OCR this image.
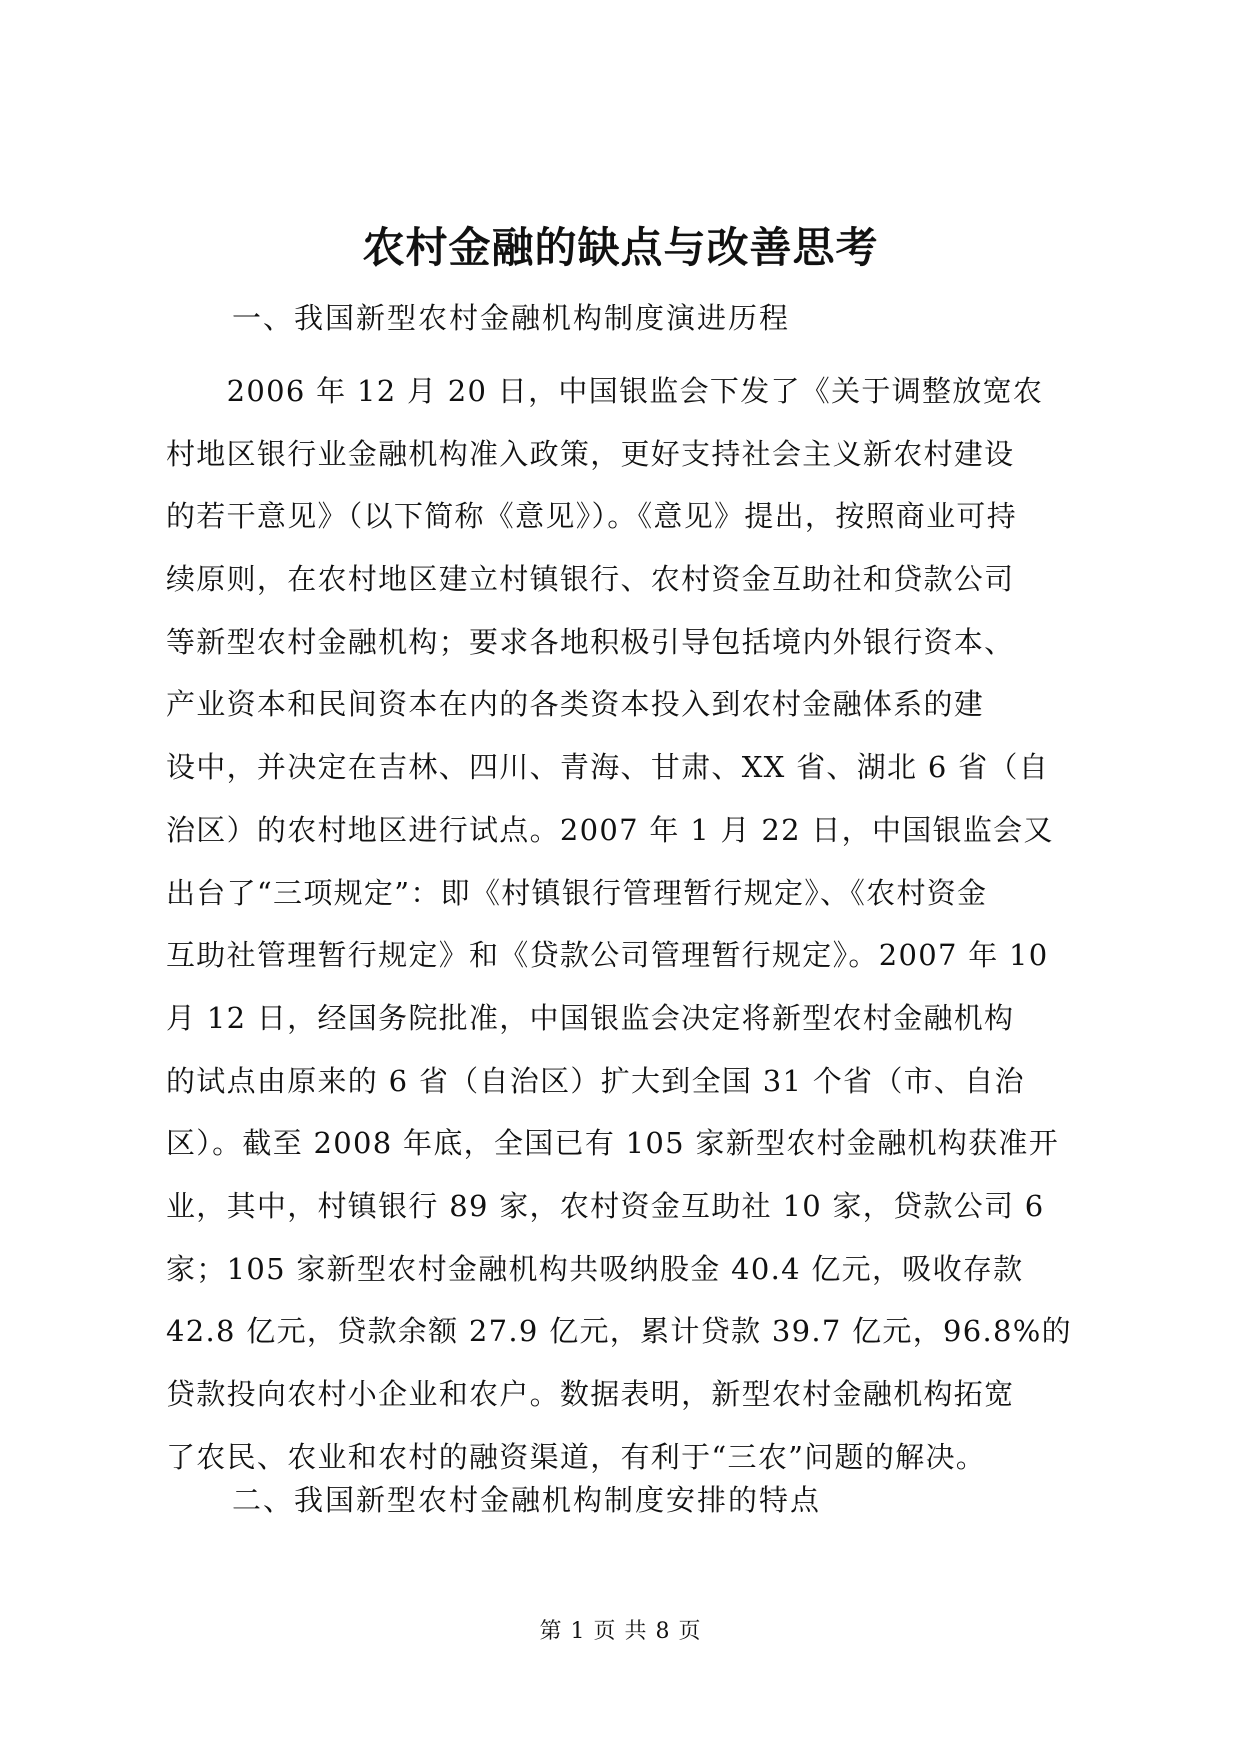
农村金融的缺点与改善思考
一、我国新型农村金融机构制度演进历程
　　2006 年 12 月 20 日，中国银监会下发了《关于调整放宽农
村地区银行业金融机构准入政策，更好支持社会主义新农村建设
的若干意见》（以下简称《意见》）。《意见》提出，按照商业可持
续原则，在农村地区建立村镇银行、农村资金互助社和贷款公司
等新型农村金融机构；要求各地积极引导包括境内外银行资本、
产业资本和民间资本在内的各类资本投入到农村金融体系的建
设中，并决定在吉林、四川、青海、甘肃、XX 省、湖北 6 省（自
治区）的农村地区进行试点。2007 年 1 月 22 日，中国银监会又
出台了“三项规定”：即《村镇银行管理暂行规定》、《农村资金
互助社管理暂行规定》和《贷款公司管理暂行规定》。2007 年 10
月 12 日，经国务院批准，中国银监会决定将新型农村金融机构
的试点由原来的 6 省（自治区）扩大到全国 31 个省（市、自治
区）。截至 2008 年底，全国已有 105 家新型农村金融机构获准开
业，其中，村镇银行 89 家，农村资金互助社 10 家，贷款公司 6
家；105 家新型农村金融机构共吸纳股金 40.4 亿元，吸收存款
42.8 亿元，贷款余额 27.9 亿元，累计贷款 39.7 亿元，96.8%的
贷款投向农村小企业和农户。数据表明，新型农村金融机构拓宽
了农民、农业和农村的融资渠道，有利于“三农”问题的解决。
二、我国新型农村金融机构制度安排的特点
第 1 页 共 8 页
